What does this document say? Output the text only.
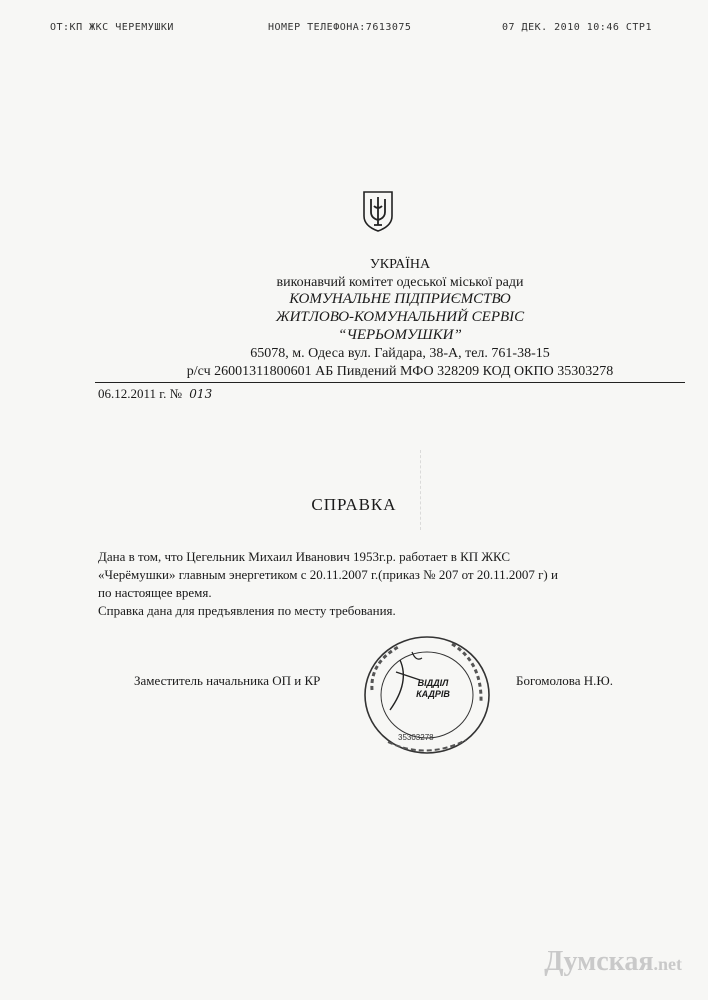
ОТ:КП ЖКС ЧЕРЕМУШКИ	НОМЕР ТЕЛЕФОНА:7613075	07 ДЕК. 2010 10:46 СТР1
УКРАЇНА
виконавчий комітет одеської міської ради
КОМУНАЛЬНЕ ПІДПРИЄМСТВО
ЖИТЛОВО-КОМУНАЛЬНИЙ СЕРВІС
“ЧЕРЬОМУШКИ”
65078, м. Одеса вул. Гайдара, 38-А, тел. 761-38-15
р/сч 26001311800601 АБ Пивдений МФО 328209 КОД ОКПО 35303278
06.12.2011 г. № 013
СПРАВКА
Дана в том, что Цегельник Михаил Иванович 1953г.р. работает в КП ЖКС
«Черёмушки» главным энергетиком с 20.11.2007 г.(приказ № 207 от 20.11.2007 г) и
по настоящее время.
Справка дана для предъявления по месту требования.
Заместитель начальника ОП и КР	Богомолова Н.Ю.
ВІДДІЛ КАДРІВ
35303278
Думская.net
